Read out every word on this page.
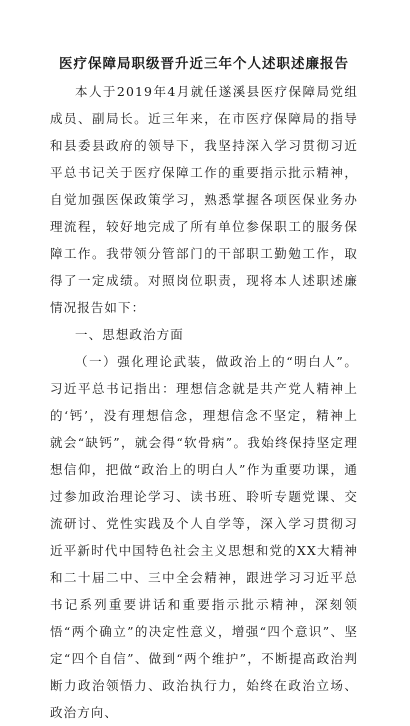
医疗保障局职级晋升近三年个人述职述廉报告

本人于2019年4月就任遂溪县医疗保障局党组成员、副局长。近三年来，在市医疗保障局的指导和县委县政府的领导下，我坚持深入学习贯彻习近平总书记关于医疗保障工作的重要指示批示精神，自觉加强医保政策学习，熟悉掌握各项医保业务办理流程，较好地完成了所有单位参保职工的服务保障工作。我带领分管部门的干部职工勤勉工作，取得了一定成绩。对照岗位职责，现将本人述职述廉情况报告如下：

一、思想政治方面

（一）强化理论武装，做政治上的“明白人”。习近平总书记指出：理想信念就是共产党人精神上的‘钙’，没有理想信念，理想信念不坚定，精神上就会“缺钙”，就会得“软骨病”。我始终保持坚定理想信仰，把做“政治上的明白人”作为重要功课，通过参加政治理论学习、读书班、聆听专题党课、交流研讨、党性实践及个人自学等，深入学习贯彻习近平新时代中国特色社会主义思想和党的XX大精神和二十届二中、三中全会精神，跟进学习习近平总书记系列重要讲话和重要指示批示精神，深刻领悟“两个确立”的决定性意义，增强“四个意识”、坚定“四个自信”、做到“两个维护”，不断提高政治判断力政治领悟力、政治执行力，始终在政治立场、政治方向、
